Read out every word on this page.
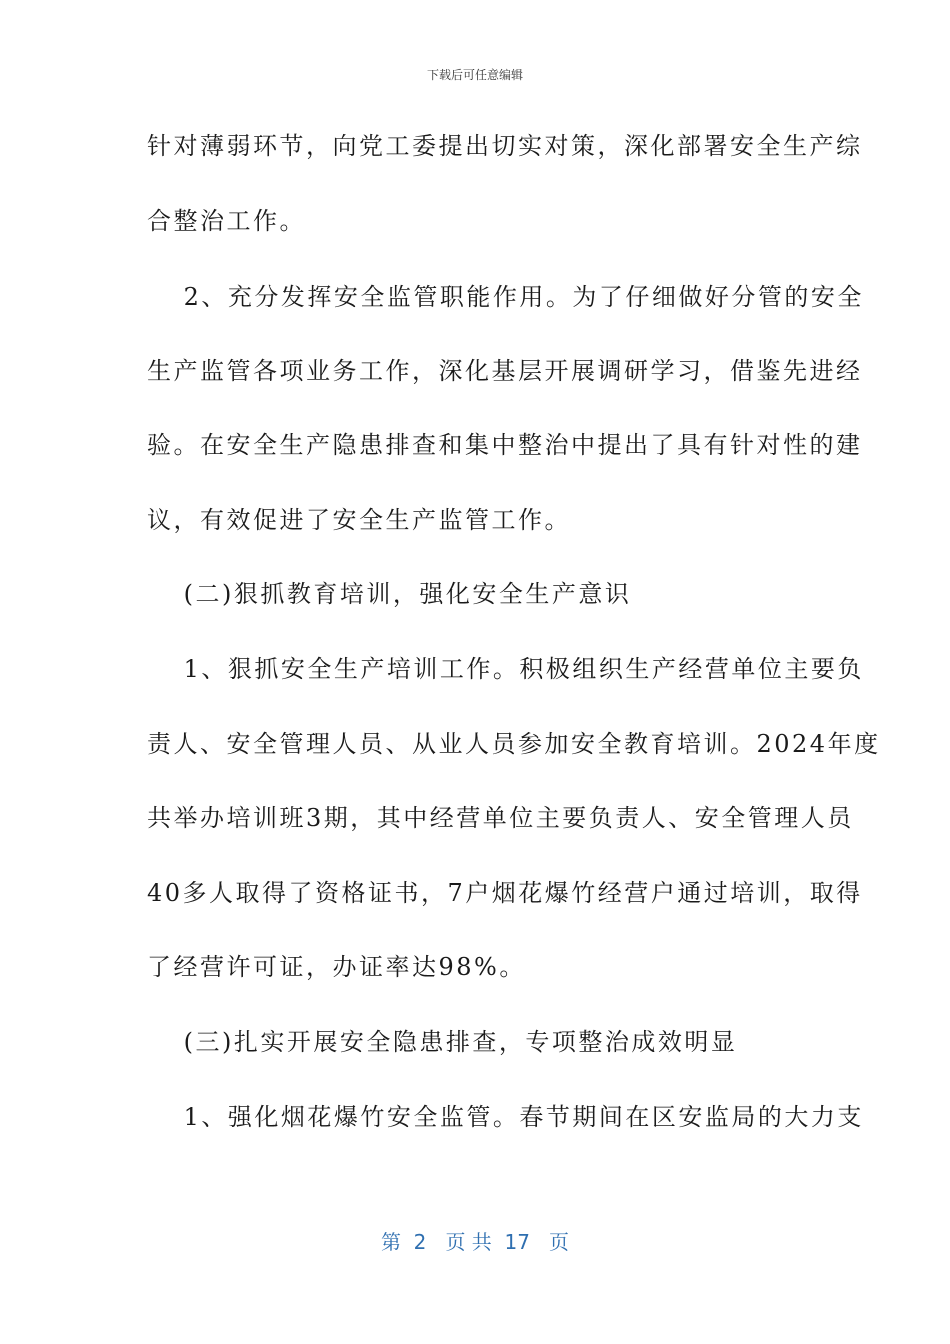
下载后可任意编辑
针对薄弱环节，向党工委提出切实对策，深化部署安全生产综
合整治工作。
　 2、充分发挥安全监管职能作用。为了仔细做好分管的安全
生产监管各项业务工作，深化基层开展调研学习，借鉴先进经
验。在安全生产隐患排查和集中整治中提出了具有针对性的建
议，有效促进了安全生产监管工作。
　 (二)狠抓教育培训，强化安全生产意识
　 1、狠抓安全生产培训工作。积极组织生产经营单位主要负
责人、安全管理人员、从业人员参加安全教育培训。2024年度
共举办培训班3期，其中经营单位主要负责人、安全管理人员
40多人取得了资格证书，7户烟花爆竹经营户通过培训，取得
了经营许可证，办证率达98%。
　 (三)扎实开展安全隐患排查，专项整治成效明显
　 1、强化烟花爆竹安全监管。春节期间在区安监局的大力支
第  2   页 共  17   页
